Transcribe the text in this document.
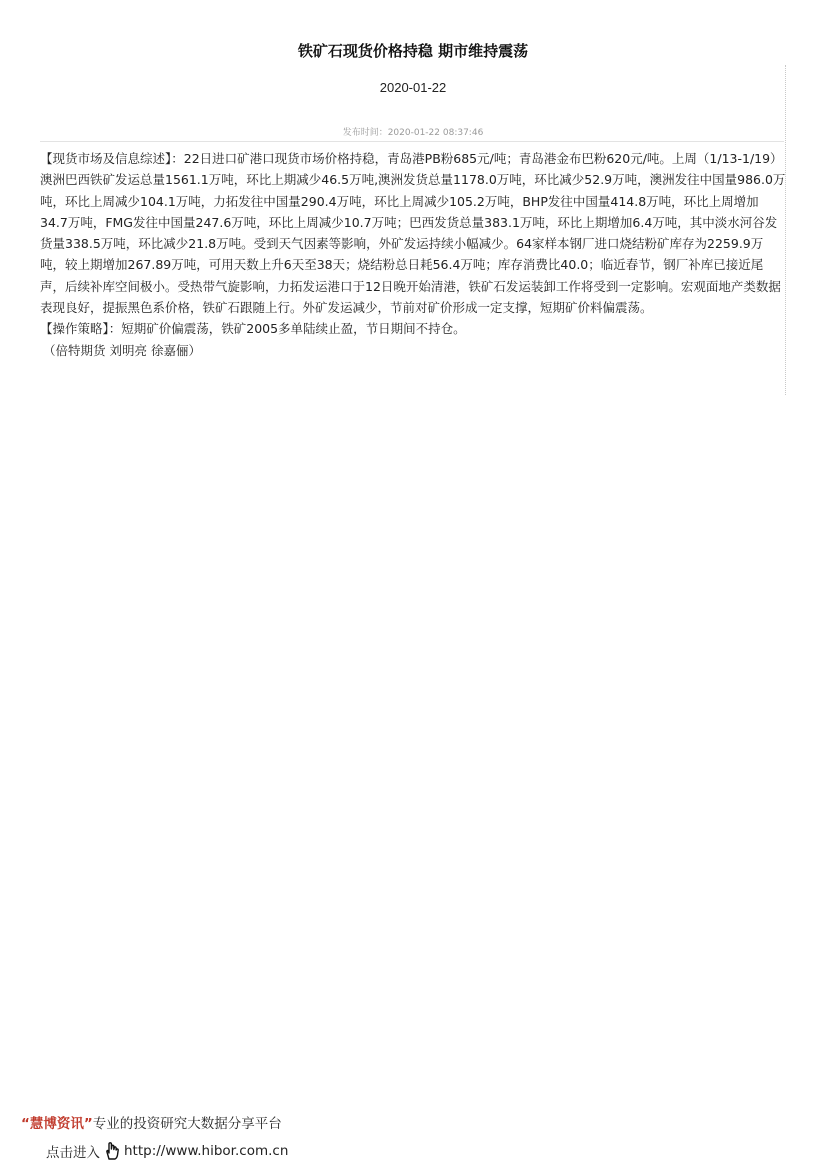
铁矿石现货价格持稳 期市维持震荡
2020-01-22
发布时间：2020-01-22 08:37:46

【现货市场及信息综述】：22日进口矿港口现货市场价格持稳，青岛港PB粉685元/吨；青岛港金布巴粉620元/吨。上周（1/13-1/19）澳洲巴西铁矿发运总量1561.1万吨，环比上期减少46.5万吨,澳洲发货总量1178.0万吨，环比减少52.9万吨，澳洲发往中国量986.0万吨，环比上周减少104.1万吨，力拓发往中国量290.4万吨，环比上周减少105.2万吨，BHP发往中国量414.8万吨，环比上周增加34.7万吨，FMG发往中国量247.6万吨，环比上周减少10.7万吨；巴西发货总量383.1万吨，环比上期增加6.4万吨，其中淡水河谷发货量338.5万吨，环比减少21.8万吨。受到天气因素等影响，外矿发运持续小幅减少。64家样本钢厂进口烧结粉矿库存为2259.9万吨，较上期增加267.89万吨，可用天数上升6天至38天；烧结粉总日耗56.4万吨；库存消费比40.0；临近春节，钢厂补库已接近尾声，后续补库空间极小。受热带气旋影响，力拓发运港口于12日晚开始清港，铁矿石发运装卸工作将受到一定影响。宏观面地产类数据表现良好，提振黑色系价格，铁矿石跟随上行。外矿发运减少，节前对矿价形成一定支撑，短期矿价料偏震荡。

【操作策略】：短期矿价偏震荡，铁矿2005多单陆续止盈，节日期间不持仓。

（倍特期货 刘明亮 徐嘉俪）

“慧博资讯”专业的投资研究大数据分享平台
点击进入 http://www.hibor.com.cn
